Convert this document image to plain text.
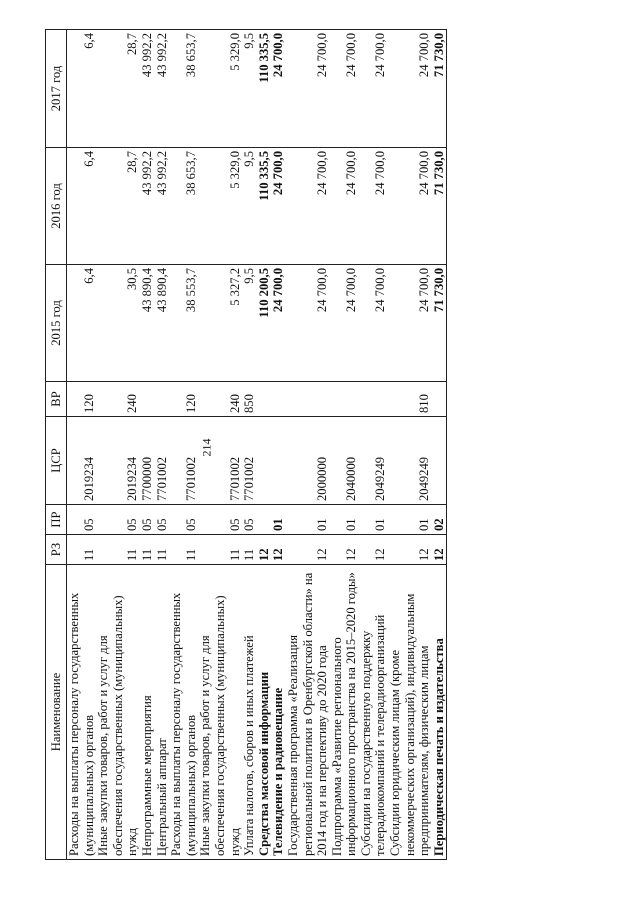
214
Наименование	РЗ	ПР	ЦСР	ВР	2015 год	2016 год	2017 год
Расходы на выплаты персоналу государственных (муниципальных) органов	11	05	2019234	120	6,4	6,4	6,4
Иные закупки товаров, работ и услуг для обеспечения государственных (муниципальных) нужд	11	05	2019234	240	30,5	28,7	28,7
Непрограммные мероприятия	11	05	7700000		43 890,4	43 992,2	43 992,2
Центральный аппарат	11	05	7701002		43 890,4	43 992,2	43 992,2
Расходы на выплаты персоналу государственных (муниципальных) органов	11	05	7701002	120	38 553,7	38 653,7	38 653,7
Иные закупки товаров, работ и услуг для обеспечения государственных (муниципальных) нужд	11	05	7701002	240	5 327,2	5 329,0	5 329,0
Уплата налогов, сборов и иных платежей	11	05	7701002	850	9,5	9,5	9,5
Средства массовой информации	12				110 200,5	110 335,5	110 335,5
Телевидение и радиовещание	12	01			24 700,0	24 700,0	24 700,0
Государственная программа «Реализация региональной политики в Оренбургской области» на 2014 год и на перспективу до 2020 года	12	01	2000000		24 700,0	24 700,0	24 700,0
Подпрограмма «Развитие регионального информационного пространства на 2015–2020 годы»	12	01	2040000		24 700,0	24 700,0	24 700,0
Субсидии на государственную поддержку телерадиокомпаний и телерадиоорганизаций	12	01	2049249		24 700,0	24 700,0	24 700,0
Субсидии юридическим лицам (кроме некоммерческих организаций), индивидуальным предпринимателям, физическим лицам	12	01	2049249	810	24 700,0	24 700,0	24 700,0
Периодическая печать и издательства	12	02			71 730,0	71 730,0	71 730,0
